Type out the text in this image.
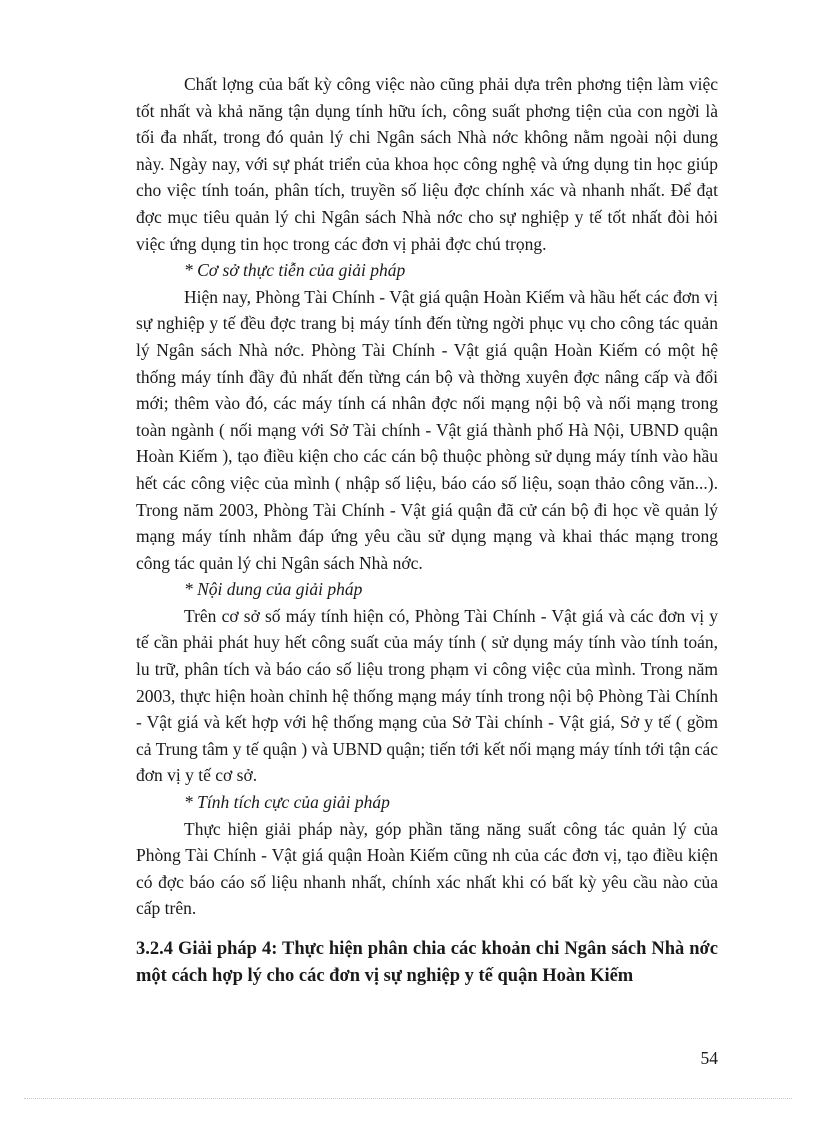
Chất lợng của bất kỳ công việc nào cũng phải dựa trên phơng tiện làm việc tốt nhất và khả năng tận dụng tính hữu ích, công suất phơng tiện của con ngời là tối đa nhất, trong đó quản lý chi Ngân sách Nhà nớc không nằm ngoài nội dung này. Ngày nay, với sự phát triển của khoa học công nghệ và ứng dụng tin học giúp cho việc tính toán, phân tích, truyền số liệu đợc chính xác và nhanh nhất. Để đạt đợc mục tiêu quản lý chi Ngân sách Nhà nớc cho sự nghiệp y tế tốt nhất đòi hỏi việc ứng dụng tin học trong các đơn vị phải đợc chú trọng.

* Cơ sở thực tiễn của giải pháp

Hiện nay, Phòng Tài Chính - Vật giá quận Hoàn Kiếm và hầu hết các đơn vị sự nghiệp y tế đều đợc trang bị máy tính đến từng ngời phục vụ cho công tác quản lý Ngân sách Nhà nớc. Phòng Tài Chính - Vật giá quận Hoàn Kiếm có một hệ thống máy tính đầy đủ nhất đến từng cán bộ và thờng xuyên đợc nâng cấp và đổi mới; thêm vào đó, các máy tính cá nhân đợc nối mạng nội bộ và nối mạng trong toàn ngành ( nối mạng với Sở Tài chính - Vật giá thành phố Hà Nội, UBND quận Hoàn Kiếm ), tạo điều kiện cho các cán bộ thuộc phòng sử dụng máy tính vào hầu hết các công việc của mình ( nhập số liệu, báo cáo số liệu, soạn thảo công văn...). Trong năm 2003, Phòng Tài Chính - Vật giá quận đã cử cán bộ đi học về quản lý mạng máy tính nhằm đáp ứng yêu cầu sử dụng mạng và khai thác mạng trong công tác quản lý chi Ngân sách Nhà nớc.

* Nội dung của giải pháp

Trên cơ sở số máy tính hiện có, Phòng Tài Chính - Vật giá và các đơn vị y tế cần phải phát huy hết công suất của máy tính ( sử dụng máy tính vào tính toán, lu trữ, phân tích và báo cáo số liệu trong phạm vi công việc của mình. Trong năm 2003, thực hiện hoàn chỉnh hệ thống mạng máy tính trong nội bộ Phòng Tài Chính - Vật giá và kết hợp với hệ thống mạng của Sở Tài chính - Vật giá, Sở y tế ( gồm cả Trung tâm y tế quận ) và UBND quận; tiến tới kết nối mạng máy tính tới tận các đơn vị y tế cơ sở.

* Tính tích cực của giải pháp

Thực hiện giải pháp này, góp phần tăng năng suất công tác quản lý của Phòng Tài Chính - Vật giá quận Hoàn Kiếm cũng nh của các đơn vị, tạo điều kiện có đợc báo cáo số liệu nhanh nhất, chính xác nhất khi có bất kỳ yêu cầu nào của cấp trên.

3.2.4 Giải pháp 4: Thực hiện phân chia các khoản chi Ngân sách Nhà nớc một cách hợp lý cho các đơn vị sự nghiệp y tế quận Hoàn Kiếm

54
